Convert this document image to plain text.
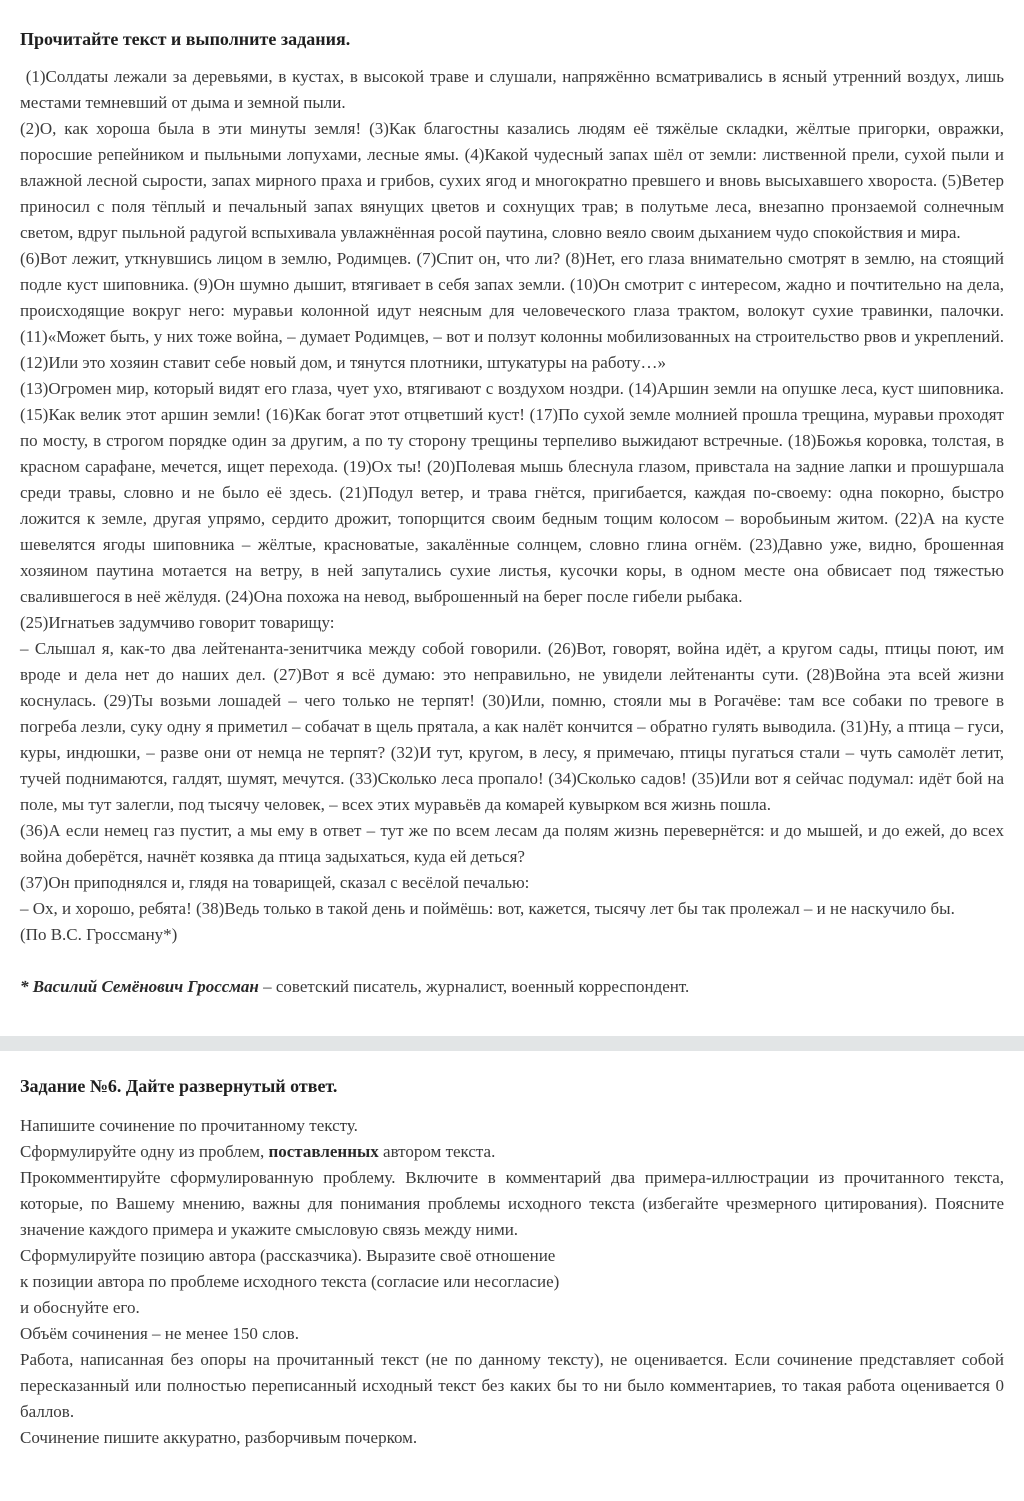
Прочитайте текст и выполните задания.

(1)Солдаты лежали за деревьями, в кустах, в высокой траве и слушали, напряжённо всматривались в ясный утренний воздух, лишь местами темневший от дыма и земной пыли.

(2)О, как хороша была в эти минуты земля! (3)Как благостны казались людям её тяжёлые складки, жёлтые пригорки, овражки, поросшие репейником и пыльными лопухами, лесные ямы. (4)Какой чудесный запах шёл от земли: лиственной прели, сухой пыли и влажной лесной сырости, запах мирного праха и грибов, сухих ягод и многократно превшего и вновь высыхавшего хвороста. (5)Ветер приносил с поля тёплый и печальный запах вянущих цветов и сохнущих трав; в полутьме леса, внезапно пронзаемой солнечным светом, вдруг пыльной радугой вспыхивала увлажнённая росой паутина, словно веяло своим дыханием чудо спокойствия и мира.

(6)Вот лежит, уткнувшись лицом в землю, Родимцев. (7)Спит он, что ли? (8)Нет, его глаза внимательно смотрят в землю, на стоящий подле куст шиповника. (9)Он шумно дышит, втягивает в себя запах земли. (10)Он смотрит с интересом, жадно и почтительно на дела, происходящие вокруг него: муравьи колонной идут неясным для человеческого глаза трактом, волокут сухие травинки, палочки. (11)«Может быть, у них тоже война, – думает Родимцев, – вот и ползут колонны мобилизованных на строительство рвов и укреплений. (12)Или это хозяин ставит себе новый дом, и тянутся плотники, штукатуры на работу…»

(13)Огромен мир, который видят его глаза, чует ухо, втягивают с воздухом ноздри. (14)Аршин земли на опушке леса, куст шиповника. (15)Как велик этот аршин земли! (16)Как богат этот отцветший куст! (17)По сухой земле молнией прошла трещина, муравьи проходят по мосту, в строгом порядке один за другим, а по ту сторону трещины терпеливо выжидают встречные. (18)Божья коровка, толстая, в красном сарафане, мечется, ищет перехода. (19)Ох ты! (20)Полевая мышь блеснула глазом, привстала на задние лапки и прошуршала среди травы, словно и не было её здесь. (21)Подул ветер, и трава гнётся, пригибается, каждая по-своему: одна покорно, быстро ложится к земле, другая упрямо, сердито дрожит, топорщится своим бедным тощим колосом – воробьиным житом. (22)А на кусте шевелятся ягоды шиповника – жёлтые, красноватые, закалённые солнцем, словно глина огнём. (23)Давно уже, видно, брошенная хозяином паутина мотается на ветру, в ней запутались сухие листья, кусочки коры, в одном месте она обвисает под тяжестью свалившегося в неё жёлудя. (24)Она похожа на невод, выброшенный на берег после гибели рыбака.

(25)Игнатьев задумчиво говорит товарищу:

– Слышал я, как-то два лейтенанта-зенитчика между собой говорили. (26)Вот, говорят, война идёт, а кругом сады, птицы поют, им вроде и дела нет до наших дел. (27)Вот я всё думаю: это неправильно, не увидели лейтенанты сути. (28)Война эта всей жизни коснулась. (29)Ты возьми лошадей – чего только не терпят! (30)Или, помню, стояли мы в Рогачёве: там все собаки по тревоге в погреба лезли, суку одну я приметил – собачат в щель прятала, а как налёт кончится – обратно гулять выводила. (31)Ну, а птица – гуси, куры, индюшки, – разве они от немца не терпят? (32)И тут, кругом, в лесу, я примечаю, птицы пугаться стали – чуть самолёт летит, тучей поднимаются, галдят, шумят, мечутся. (33)Сколько леса пропало! (34)Сколько садов! (35)Или вот я сейчас подумал: идёт бой на поле, мы тут залегли, под тысячу человек, – всех этих муравьёв да комарей кувырком вся жизнь пошла.

(36)А если немец газ пустит, а мы ему в ответ – тут же по всем лесам да полям жизнь перевернётся: и до мышей, и до ежей, до всех война доберётся, начнёт козявка да птица задыхаться, куда ей деться?

(37)Он приподнялся и, глядя на товарищей, сказал с весёлой печалью:

– Ох, и хорошо, ребята! (38)Ведь только в такой день и поймёшь: вот, кажется, тысячу лет бы так пролежал – и не наскучило бы.

(По В.С. Гроссману*)

* Василий Семёнович Гроссман – советский писатель, журналист, военный корреспондент.

Задание №6. Дайте развернутый ответ.

Напишите сочинение по прочитанному тексту.

Сформулируйте одну из проблем, поставленных автором текста.

Прокомментируйте сформулированную проблему. Включите в комментарий два примера-иллюстрации из прочитанного текста, которые, по Вашему мнению, важны для понимания проблемы исходного текста (избегайте чрезмерного цитирования). Поясните значение каждого примера и укажите смысловую связь между ними.

Сформулируйте позицию автора (рассказчика). Выразите своё отношение

к позиции автора по проблеме исходного текста (согласие или несогласие)

и обоснуйте его.

Объём сочинения – не менее 150 слов.

Работа, написанная без опоры на прочитанный текст (не по данному тексту), не оценивается. Если сочинение представляет собой пересказанный или полностью переписанный исходный текст без каких бы то ни было комментариев, то такая работа оценивается 0 баллов.

Сочинение пишите аккуратно, разборчивым почерком.
